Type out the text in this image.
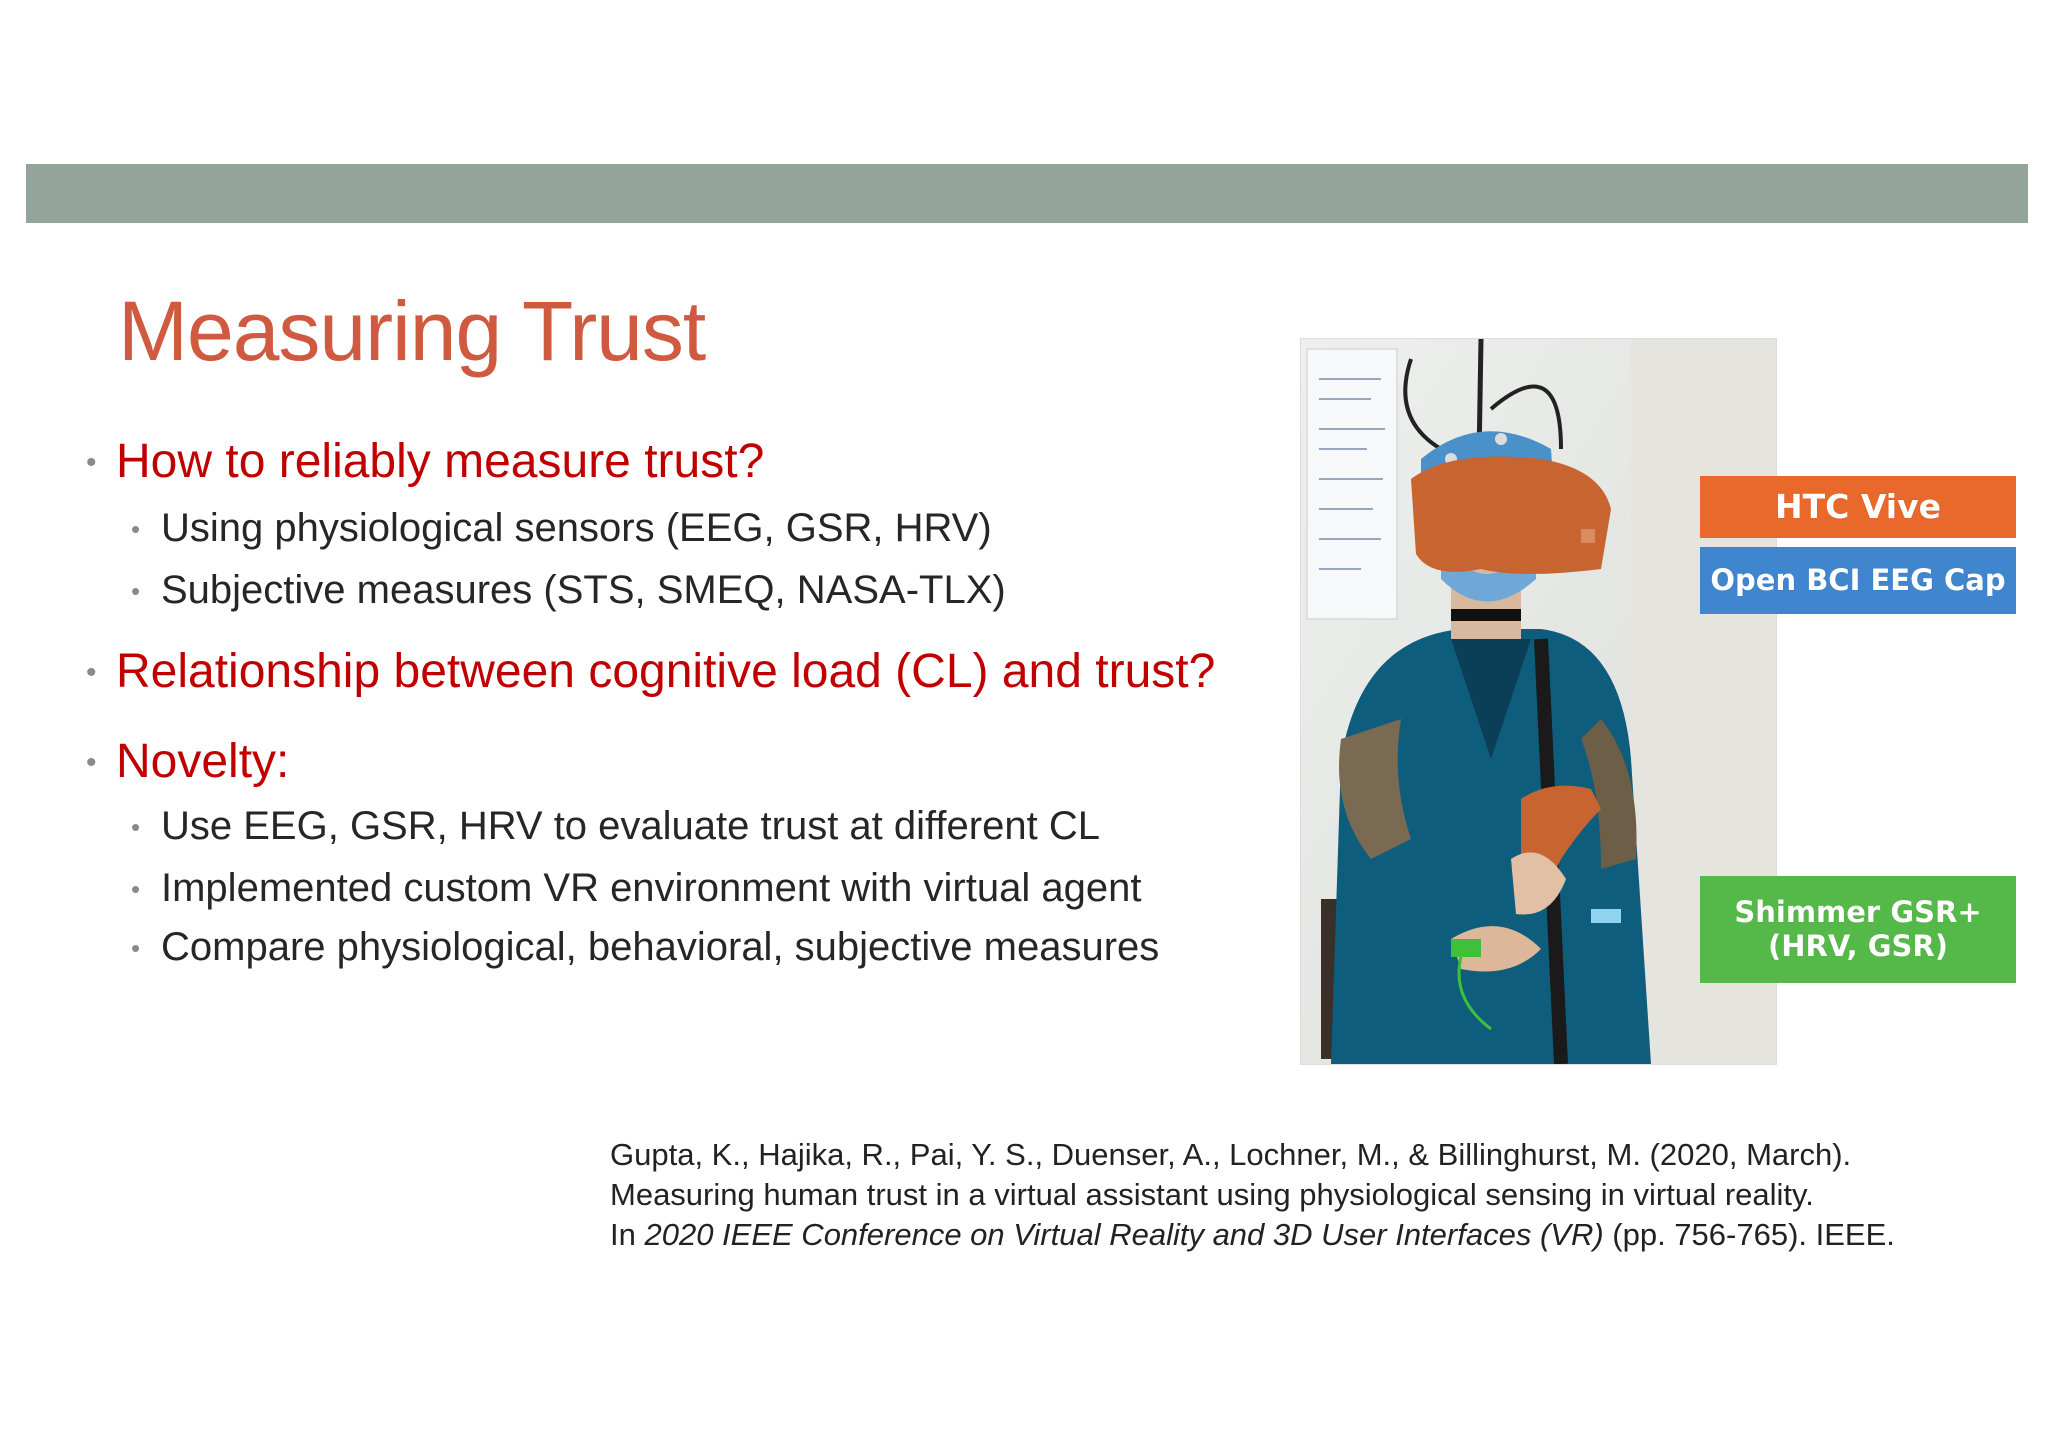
Measuring Trust
• How to reliably measure trust?
• Using physiological sensors (EEG, GSR, HRV)
• Subjective measures (STS, SMEQ, NASA-TLX)
• Relationship between cognitive load (CL) and trust?
• Novelty:
• Use EEG, GSR, HRV to evaluate trust at different CL
• Implemented custom VR environment with virtual agent
• Compare physiological, behavioral, subjective measures
HTC Vive
Open BCI EEG Cap
Shimmer GSR+
(HRV, GSR)
Gupta, K., Hajika, R., Pai, Y. S., Duenser, A., Lochner, M., & Billinghurst, M. (2020, March).
Measuring human trust in a virtual assistant using physiological sensing in virtual reality.
In 2020 IEEE Conference on Virtual Reality and 3D User Interfaces (VR) (pp. 756-765). IEEE.
